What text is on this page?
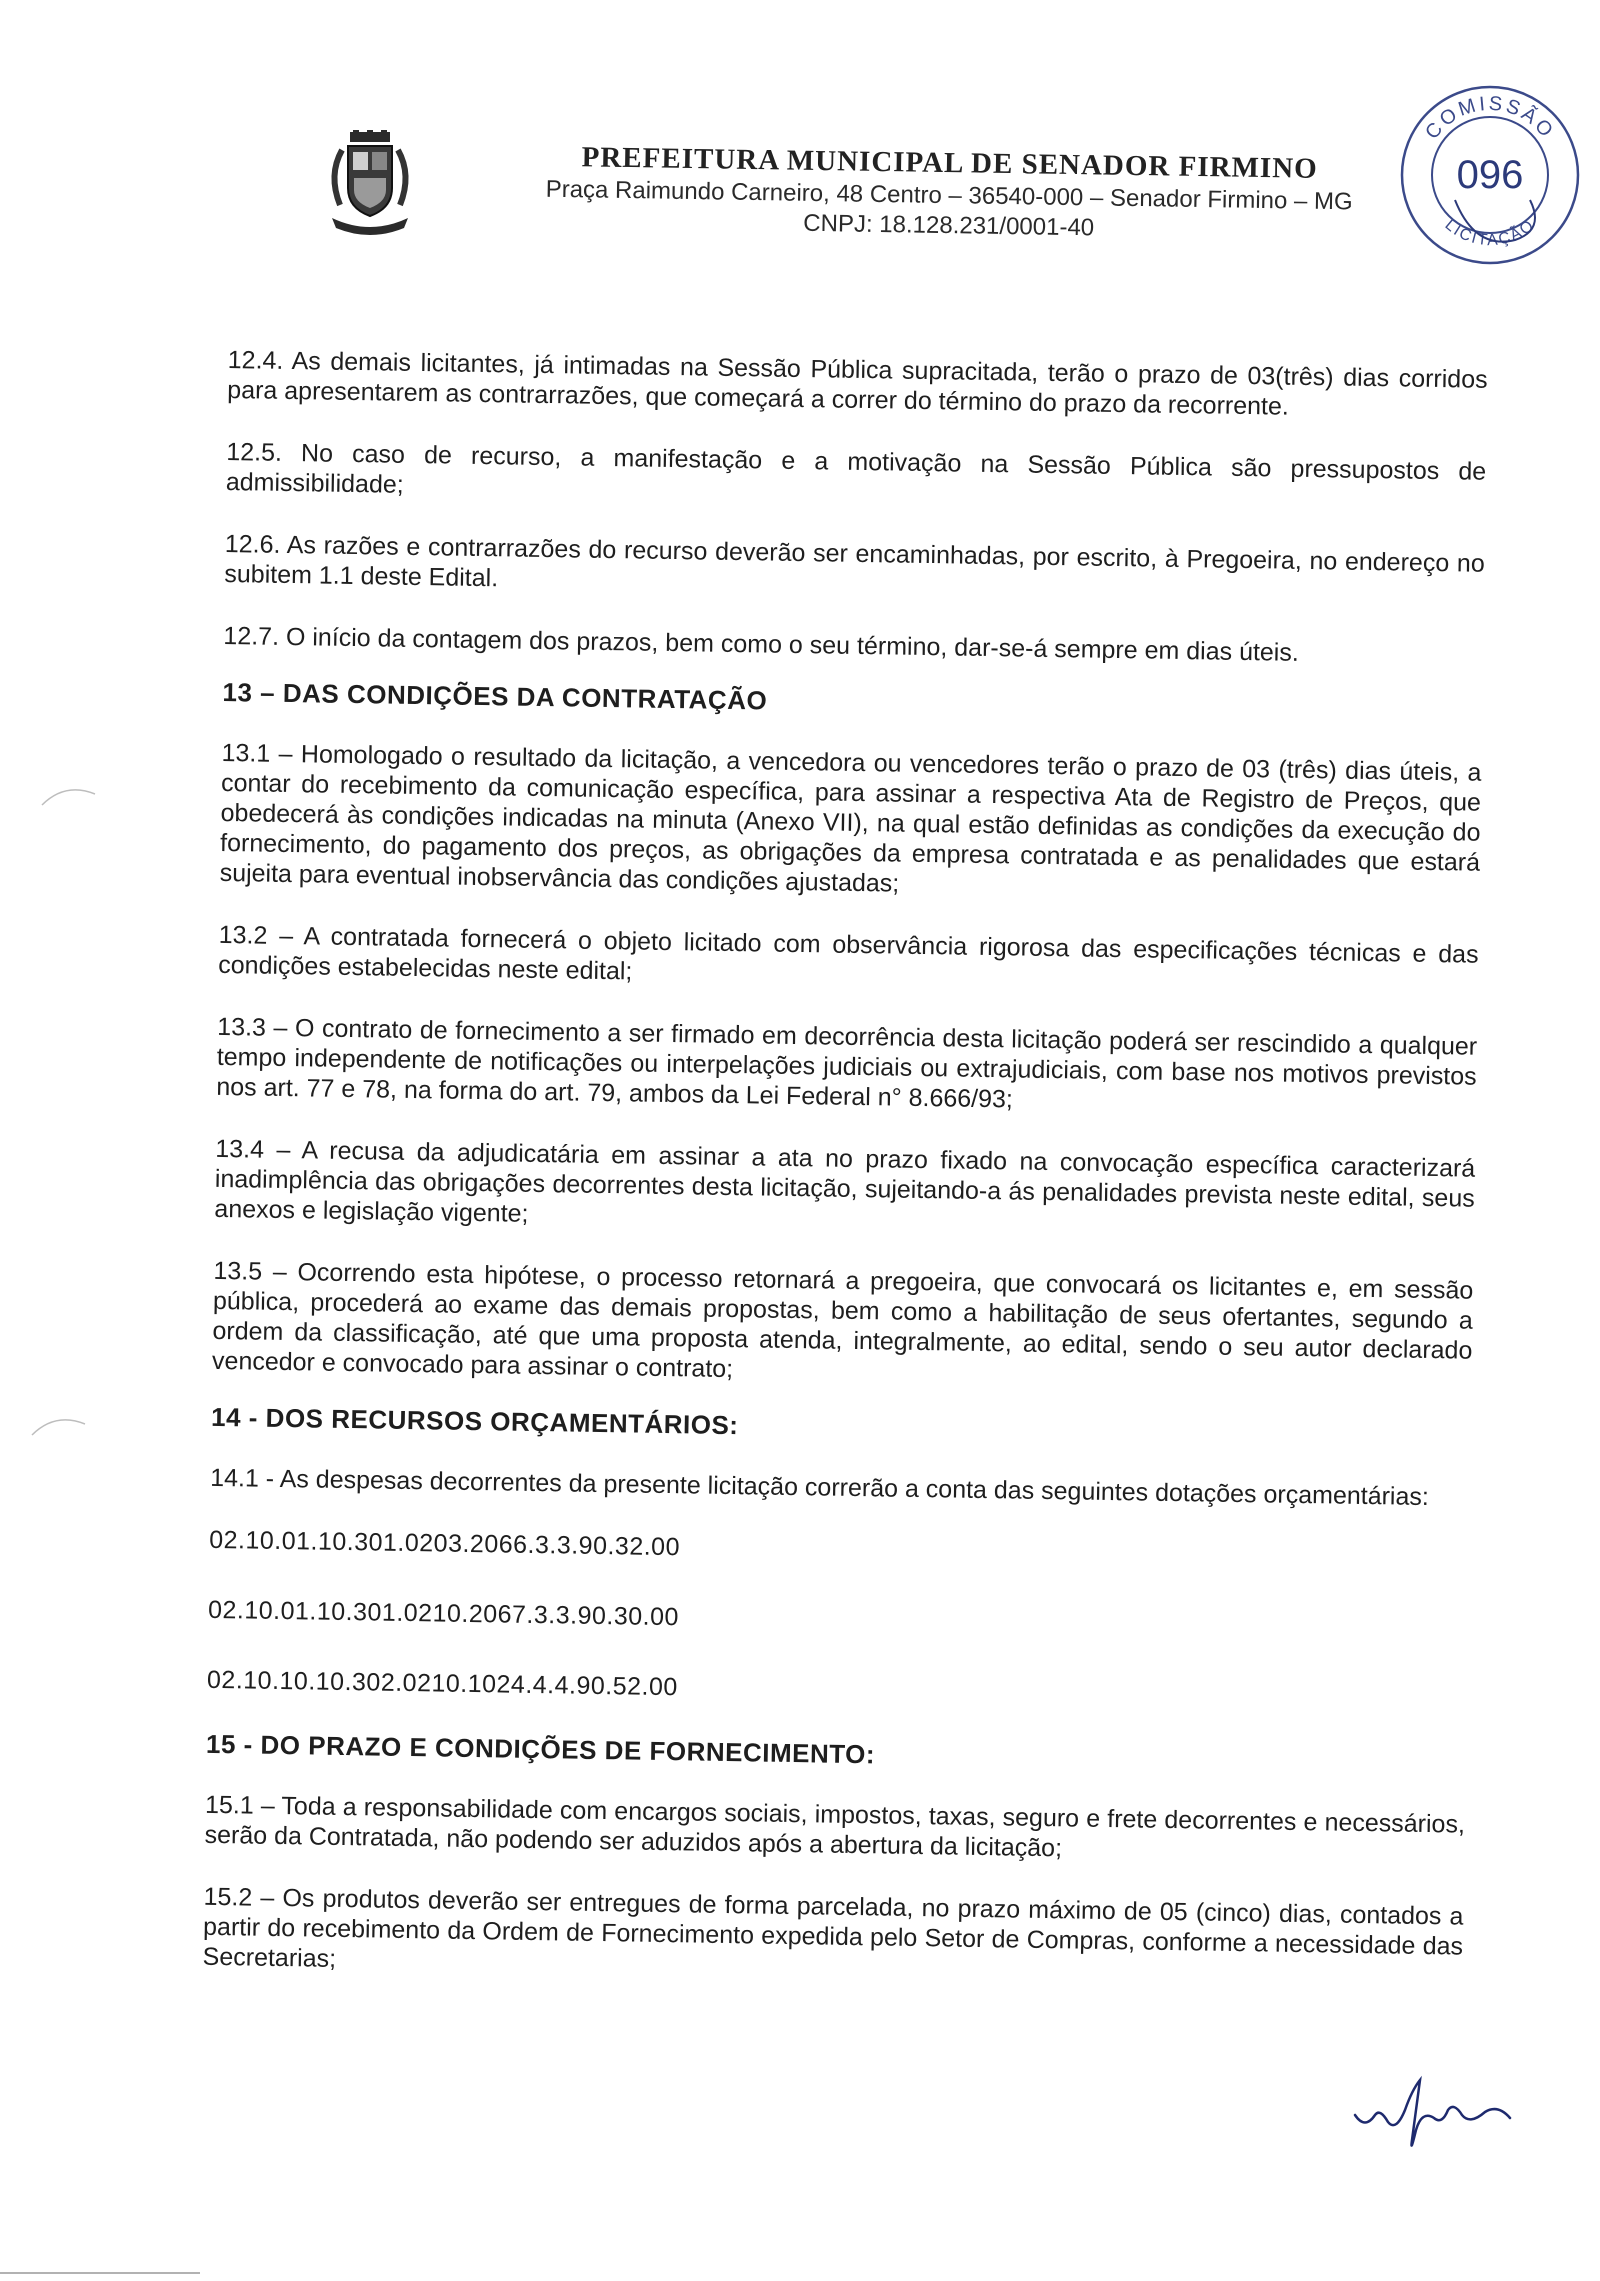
PREFEITURA MUNICIPAL DE SENADOR FIRMINO
Praça Raimundo Carneiro, 48 Centro – 36540-000 – Senador Firmino – MG
CNPJ: 18.128.231/0001-40
COMISSÃO
LICITAÇÃO
096

12.4. As demais licitantes, já intimadas na Sessão Pública supracitada, terão o prazo de 03(três) dias corridos para apresentarem as contrarrazões, que começará a correr do término do prazo da recorrente.

12.5. No caso de recurso, a manifestação e a motivação na Sessão Pública são pressupostos de admissibilidade;

12.6. As razões e contrarrazões do recurso deverão ser encaminhadas, por escrito, à Pregoeira, no endereço no subitem 1.1 deste Edital.

12.7. O início da contagem dos prazos, bem como o seu término, dar-se-á sempre em dias úteis.

13 – DAS CONDIÇÕES DA CONTRATAÇÃO

13.1 – Homologado o resultado da licitação, a vencedora ou vencedores terão o prazo de 03 (três) dias úteis, a contar do recebimento da comunicação específica, para assinar a respectiva Ata de Registro de Preços, que obedecerá às condições indicadas na minuta (Anexo VII), na qual estão definidas as condições da execução do fornecimento, do pagamento dos preços, as obrigações da empresa contratada e as penalidades que estará sujeita para eventual inobservância das condições ajustadas;

13.2 – A contratada fornecerá o objeto licitado com observância rigorosa das especificações técnicas e das condições estabelecidas neste edital;

13.3 – O contrato de fornecimento a ser firmado em decorrência desta licitação poderá ser rescindido a qualquer tempo independente de notificações ou interpelações judiciais ou extrajudiciais, com base nos motivos previstos nos art. 77 e 78, na forma do art. 79, ambos da Lei Federal n° 8.666/93;

13.4 – A recusa da adjudicatária em assinar a ata no prazo fixado na convocação específica caracterizará inadimplência das obrigações decorrentes desta licitação, sujeitando-a ás penalidades prevista neste edital, seus anexos e legislação vigente;

13.5 – Ocorrendo esta hipótese, o processo retornará a pregoeira, que convocará os licitantes e, em sessão pública, procederá ao exame das demais propostas, bem como a habilitação de seus ofertantes, segundo a ordem da classificação, até que uma proposta atenda, integralmente, ao edital, sendo o seu autor declarado vencedor e convocado para assinar o contrato;

14 - DOS RECURSOS ORÇAMENTÁRIOS:

14.1 - As despesas decorrentes da presente licitação correrão a conta das seguintes dotações orçamentárias:

02.10.01.10.301.0203.2066.3.3.90.32.00
02.10.01.10.301.0210.2067.3.3.90.30.00
02.10.10.10.302.0210.1024.4.4.90.52.00
15 - DO PRAZO E CONDIÇÕES DE FORNECIMENTO:

15.1 – Toda a responsabilidade com encargos sociais, impostos, taxas, seguro e frete decorrentes e necessários, serão da Contratada, não podendo ser aduzidos após a abertura da licitação;

15.2 – Os produtos deverão ser entregues de forma parcelada, no prazo máximo de 05 (cinco) dias, contados a partir do recebimento da Ordem de Fornecimento expedida pelo Setor de Compras, conforme a necessidade das Secretarias;
